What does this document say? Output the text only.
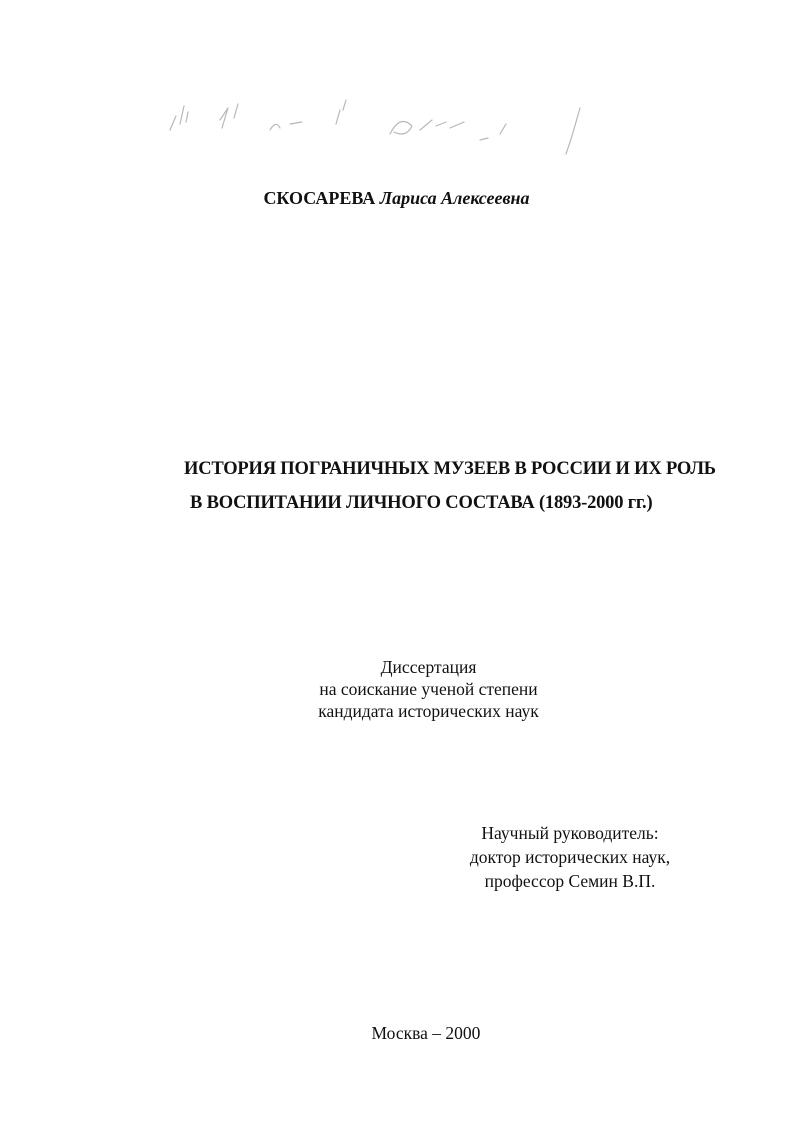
СКОСАРЕВА Лариса Алексеевна
ИСТОРИЯ ПОГРАНИЧНЫХ МУЗЕЕВ В РОССИИ И ИХ РОЛЬ
В ВОСПИТАНИИ ЛИЧНОГО СОСТАВА (1893-2000 гг.)
Диссертация
на соискание ученой степени
кандидата исторических наук
Научный руководитель:
доктор исторических наук,
профессор Семин В.П.
Москва – 2000
